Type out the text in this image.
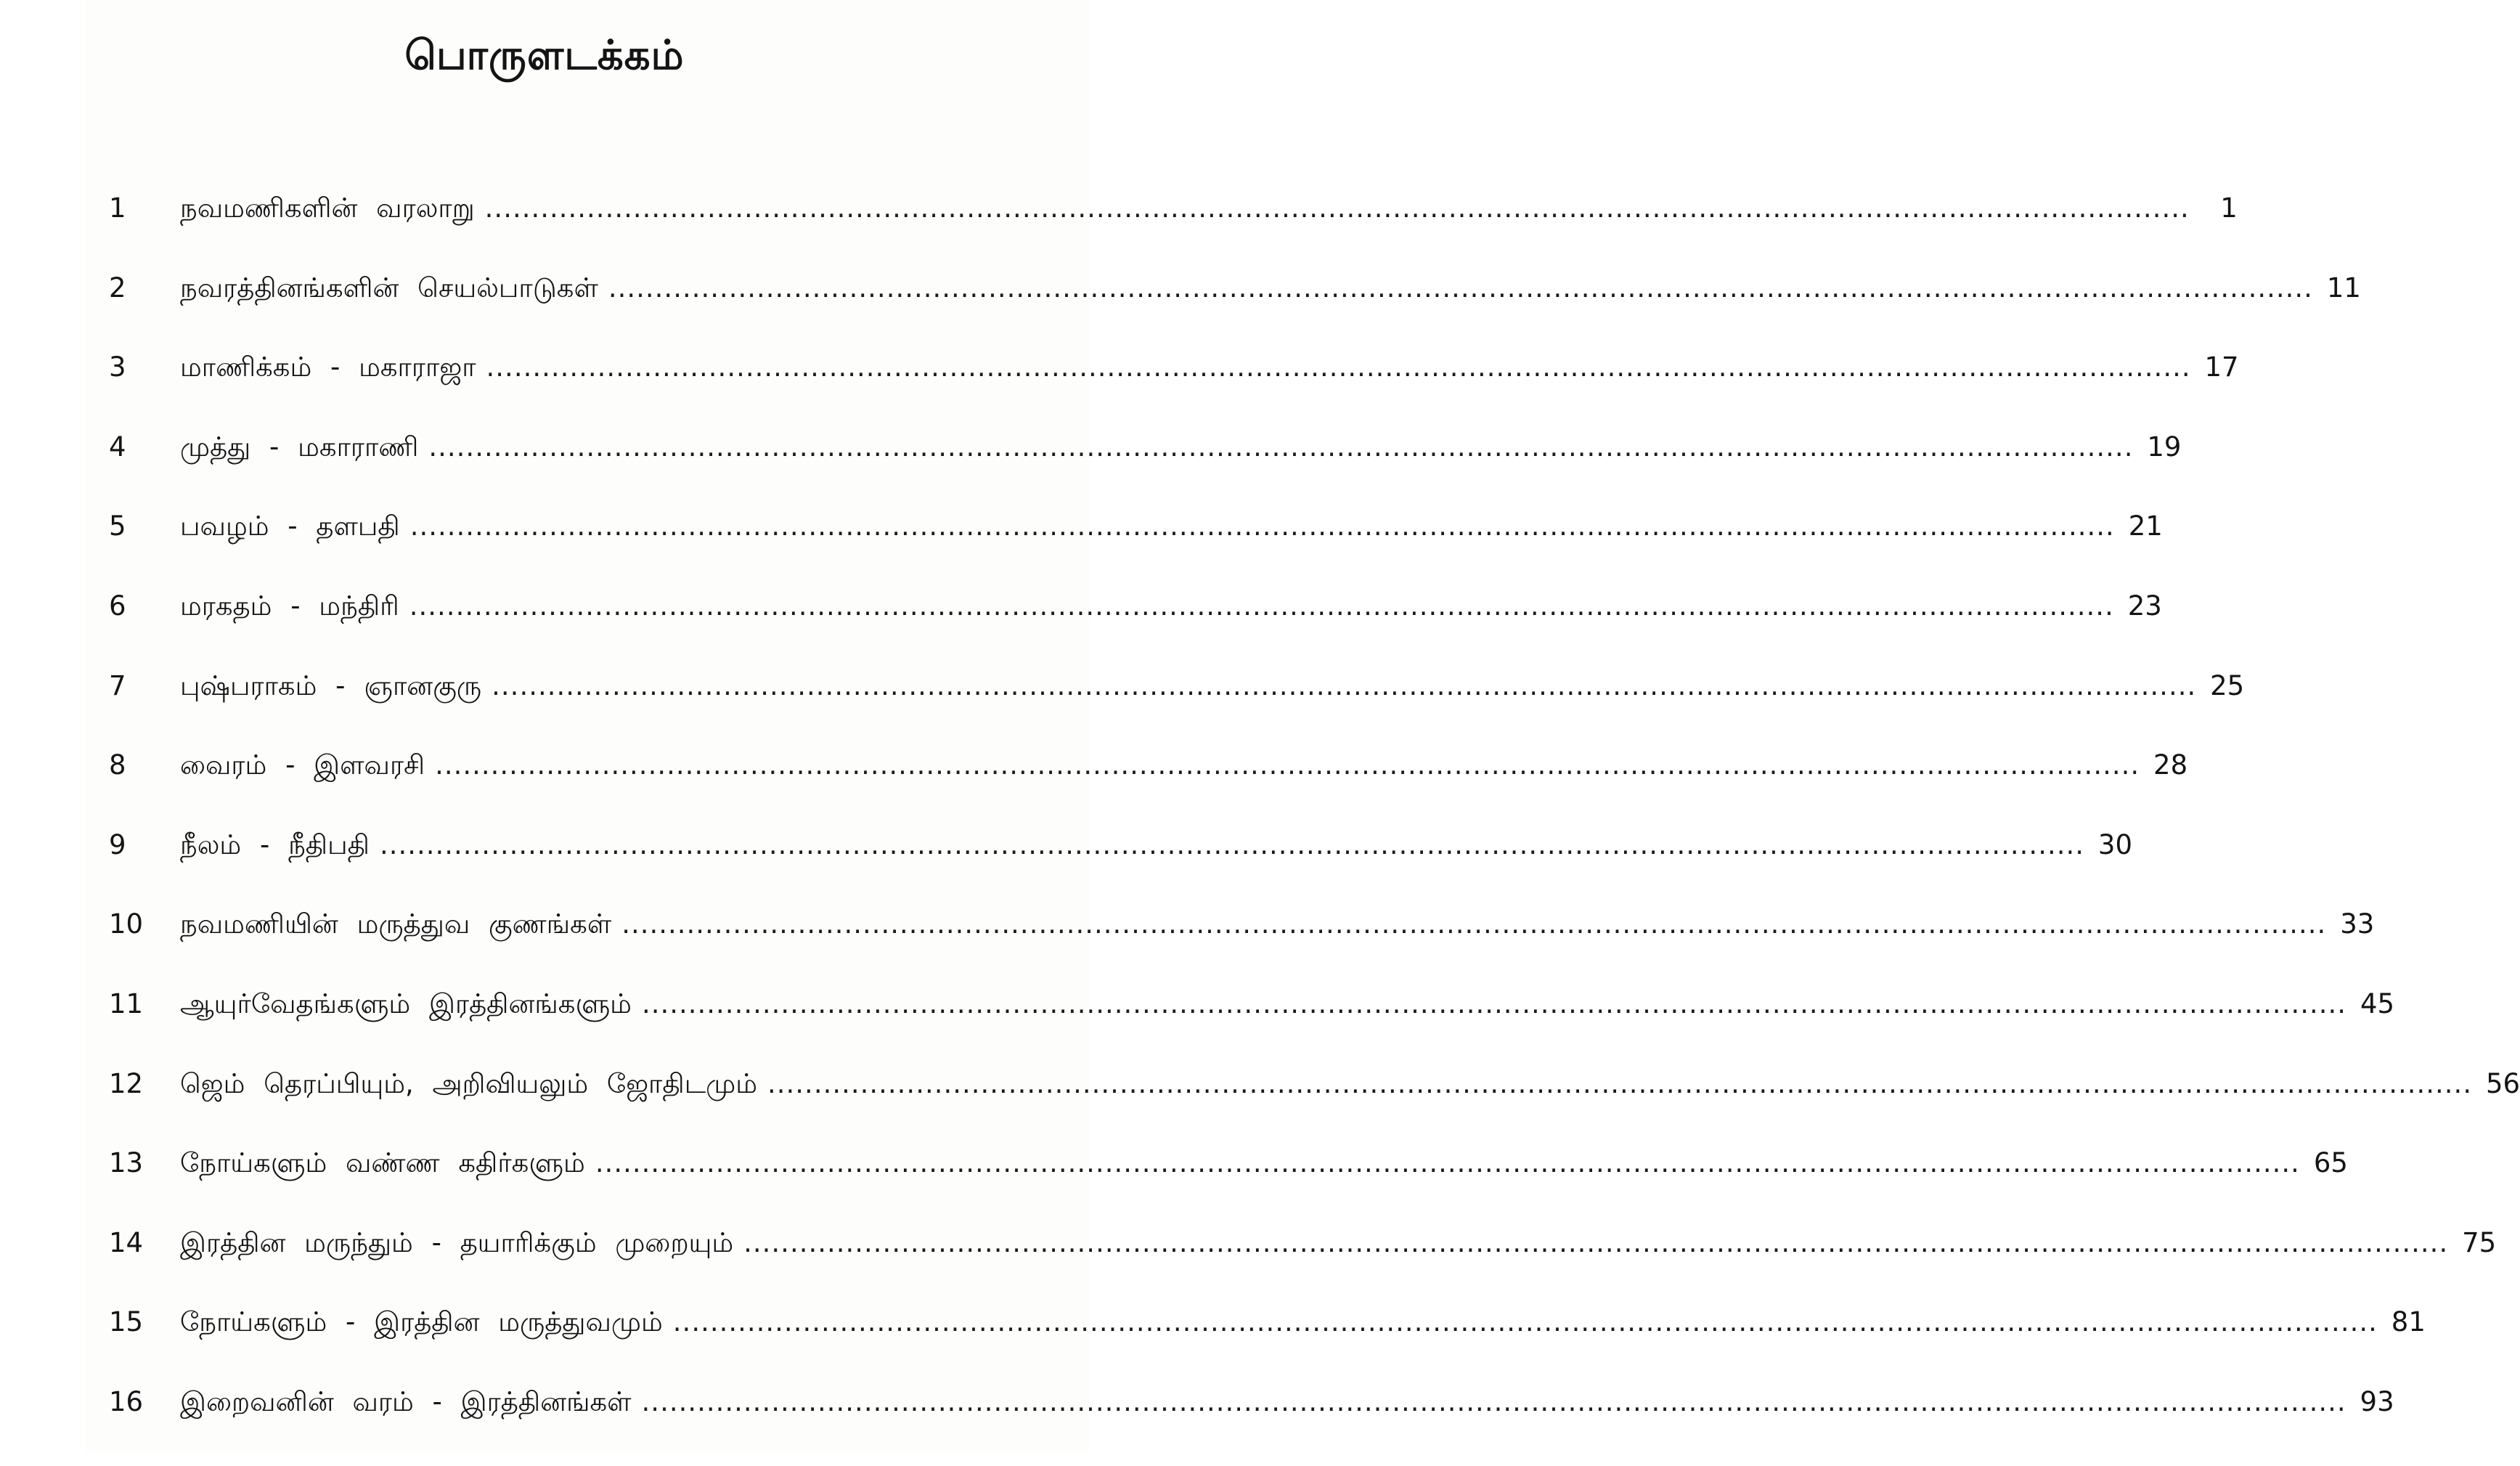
பொருளடக்கம்
1	நவமணிகளின் வரலாறு .....	1
2	நவரத்தினங்களின் செயல்பாடுகள் .....	11
3	மாணிக்கம் - மகாராஜா .....	17
4	முத்து - மகாராணி .....	19
5	பவழம் - தளபதி .....	21
6	மரகதம் - மந்திரி .....	23
7	புஷ்பராகம் - ஞானகுரு .....	25
8	வைரம் - இளவரசி .....	28
9	நீலம் - நீதிபதி .....	30
10	நவமணியின் மருத்துவ குணங்கள் .....	33
11	ஆயுர்வேதங்களும் இரத்தினங்களும் .....	45
12	ஜெம் தெரப்பியும், அறிவியலும் ஜோதிடமும் .....	56
13	நோய்களும் வண்ண கதிர்களும் .....	65
14	இரத்தின மருந்தும் - தயாரிக்கும் முறையும் .....	75
15	நோய்களும் - இரத்தின மருத்துவமும் .....	81
16	இறைவனின் வரம் - இரத்தினங்கள் .....	93
